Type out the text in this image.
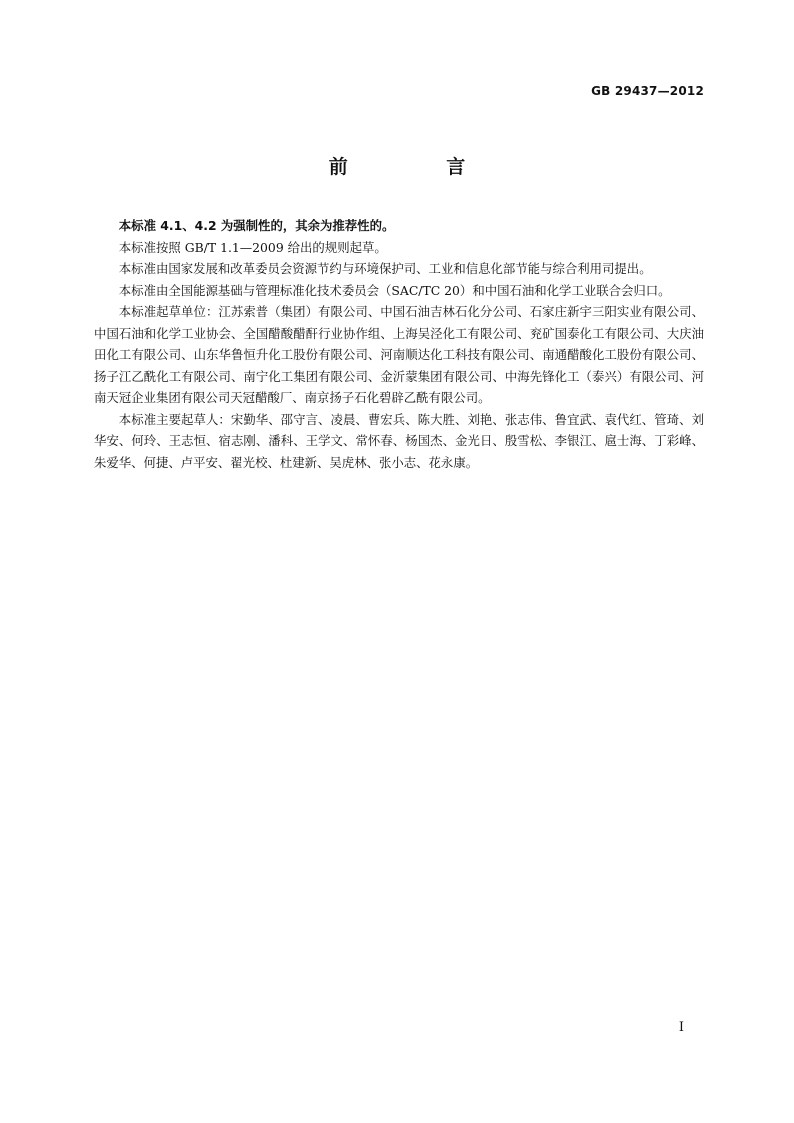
GB 29437—2012
前 言

本标准 4.1、4.2 为强制性的，其余为推荐性的。

本标准按照 GB/T 1.1—2009 给出的规则起草。

本标准由国家发展和改革委员会资源节约与环境保护司、工业和信息化部节能与综合利用司提出。

本标准由全国能源基础与管理标准化技术委员会（SAC/TC 20）和中国石油和化学工业联合会归口。

本标准起草单位：江苏索普（集团）有限公司、中国石油吉林石化分公司、石家庄新宇三阳实业有限公司、中国石油和化学工业协会、全国醋酸醋酐行业协作组、上海吴泾化工有限公司、兖矿国泰化工有限公司、大庆油田化工有限公司、山东华鲁恒升化工股份有限公司、河南顺达化工科技有限公司、南通醋酸化工股份有限公司、扬子江乙酰化工有限公司、南宁化工集团有限公司、金沂蒙集团有限公司、中海先锋化工（泰兴）有限公司、河南天冠企业集团有限公司天冠醋酸厂、南京扬子石化碧辟乙酰有限公司。

本标准主要起草人：宋勤华、邵守言、凌晨、曹宏兵、陈大胜、刘艳、张志伟、鲁宜武、袁代红、管琦、刘华安、何玲、王志恒、宿志刚、潘科、王学文、常怀春、杨国杰、金光日、殷雪松、李银江、扈士海、丁彩峰、朱爱华、何捷、卢平安、翟光校、杜建新、吴虎林、张小志、花永康。

I
